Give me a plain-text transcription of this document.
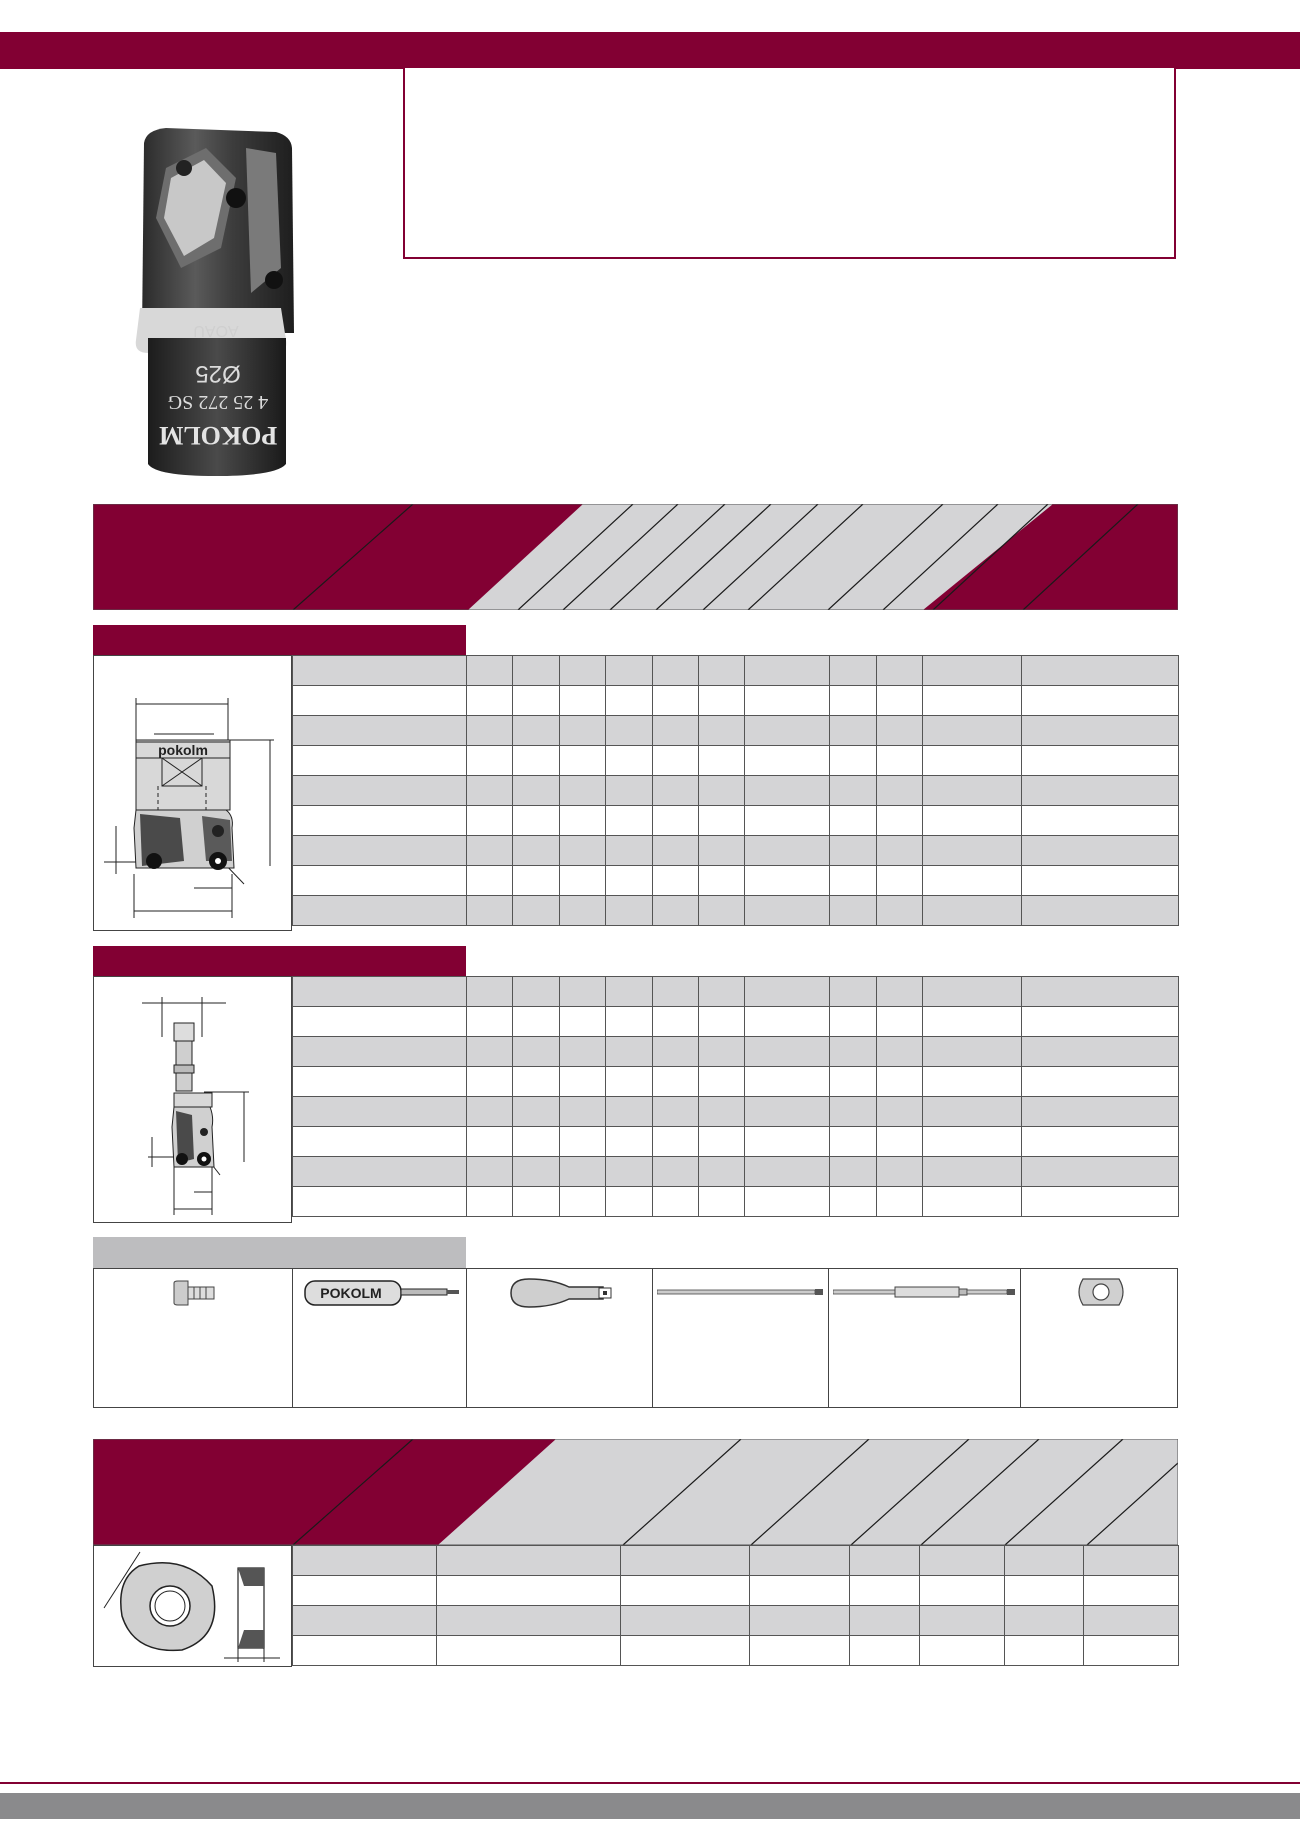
AOAU
Ø25
4 25 272 SG
POKOLM
pokolm

POKOLM
